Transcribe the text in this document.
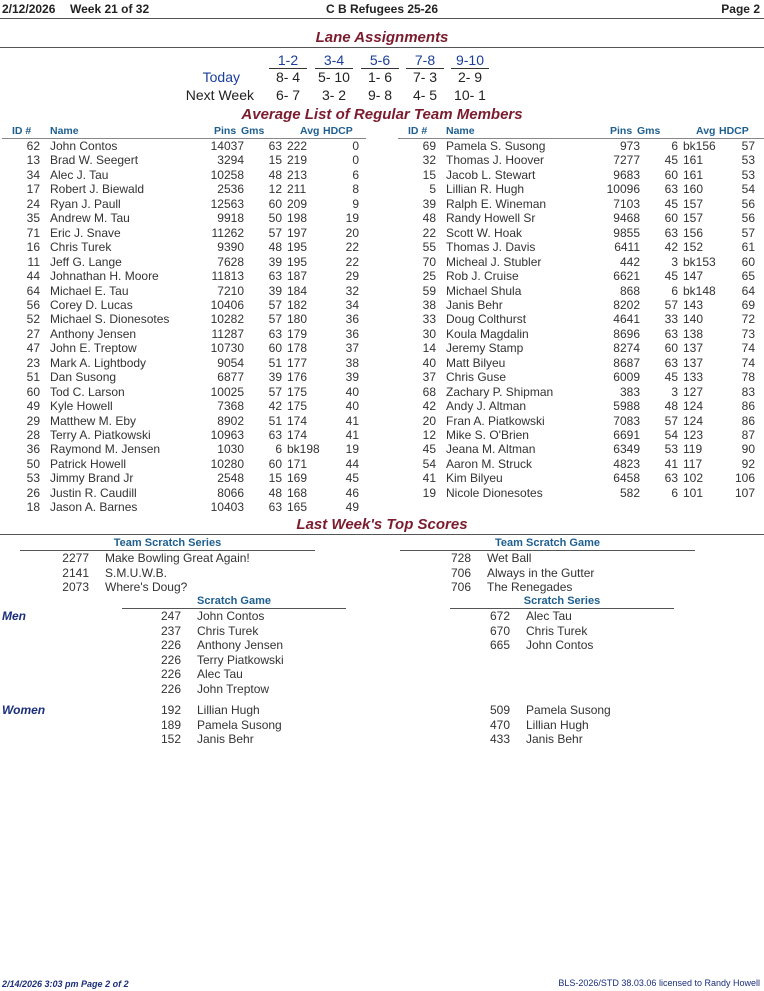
2/12/2026 Week 21 of 32	C B Refugees 25-26	Page 2
Lane Assignments
1-2	3-4	5-6	7-8	9-10
Today
Next Week
8- 4	5- 10	1- 6	7- 3	2- 9
6- 7	3- 2	9- 8	4- 5	10- 1
Average List of Regular Team Members
ID # Name	Pins Gms	Avg HDCP	ID # Name	Pins Gms	Avg HDCP
62 John Contos	14037	63 222	0
13 Brad W. Seegert	3294	15 219	0
34 Alec J. Tau	10258	48 213	6
17 Robert J. Biewald	2536	12 211	8
24 Ryan J. Paull	12563	60 209	9
35 Andrew M. Tau	9918	50 198	19
71 Eric J. Snave	11262	57 197	20
16 Chris Turek	9390	48 195	22
11 Jeff G. Lange	7628	39 195	22
44 Johnathan H. Moore	11813	63 187	29
64 Michael E. Tau	7210	39 184	32
56 Corey D. Lucas	10406	57 182	34
52 Michael S. Dionesotes	10282	57 180	36
27 Anthony Jensen	11287	63 179	36
47 John E. Treptow	10730	60 178	37
23 Mark A. Lightbody	9054	51 177	38
51 Dan Susong	6877	39 176	39
60 Tod C. Larson	10025	57 175	40
49 Kyle Howell	7368	42 175	40
29 Matthew M. Eby	8902	51 174	41
28 Terry A. Piatkowski	10963	63 174	41
36 Raymond M. Jensen	1030	6 bk198	19
50 Patrick Howell	10280	60 171	44
53 Jimmy Brand Jr	2548	15 169	45
26 Justin R. Caudill	8066	48 168	46
18 Jason A. Barnes	10403	63 165	49
69 Pamela S. Susong	973	6 bk156	57
32 Thomas J. Hoover	7277	45 161	53
15 Jacob L. Stewart	9683	60 161	53
5 Lillian R. Hugh	10096	63 160	54
39 Ralph E. Wineman	7103	45 157	56
48 Randy Howell Sr	9468	60 157	56
22 Scott W. Hoak	9855	63 156	57
55 Thomas J. Davis	6411	42 152	61
70 Micheal J. Stubler	442	3 bk153	60
25 Rob J. Cruise	6621	45 147	65
59 Michael Shula	868	6 bk148	64
38 Janis Behr	8202	57 143	69
33 Doug Colthurst	4641	33 140	72
30 Koula Magdalin	8696	63 138	73
14 Jeremy Stamp	8274	60 137	74
40 Matt Bilyeu	8687	63 137	74
37 Chris Guse	6009	45 133	78
68 Zachary P. Shipman	383	3 127	83
42 Andy J. Altman	5988	48 124	86
20 Fran A. Piatkowski	7083	57 124	86
12 Mike S. O'Brien	6691	54 123	87
45 Jeana M. Altman	6349	53 119	90
54 Aaron M. Struck	4823	41 117	92
41 Kim Bilyeu	6458	63 102	106
19 Nicole Dionesotes	582	6 101	107
Last Week's Top Scores
Team Scratch Series	Team Scratch Game
2277 Make Bowling Great Again!
2141 S.M.U.W.B.
2073 Where's Doug?
728 Wet Ball
706 Always in the Gutter
706 The Renegades
Scratch Game	Scratch Series
Men	247 John Contos
237 Chris Turek
226 Anthony Jensen
226 Terry Piatkowski
226 Alec Tau
226 John Treptow
672 Alec Tau
670 Chris Turek
665 John Contos
Women	192 Lillian Hugh
189 Pamela Susong
152 Janis Behr
509 Pamela Susong
470 Lillian Hugh
433 Janis Behr
2/14/2026 3:03 pm Page 2 of 2	BLS-2026/STD 38.03.06 licensed to Randy Howell
